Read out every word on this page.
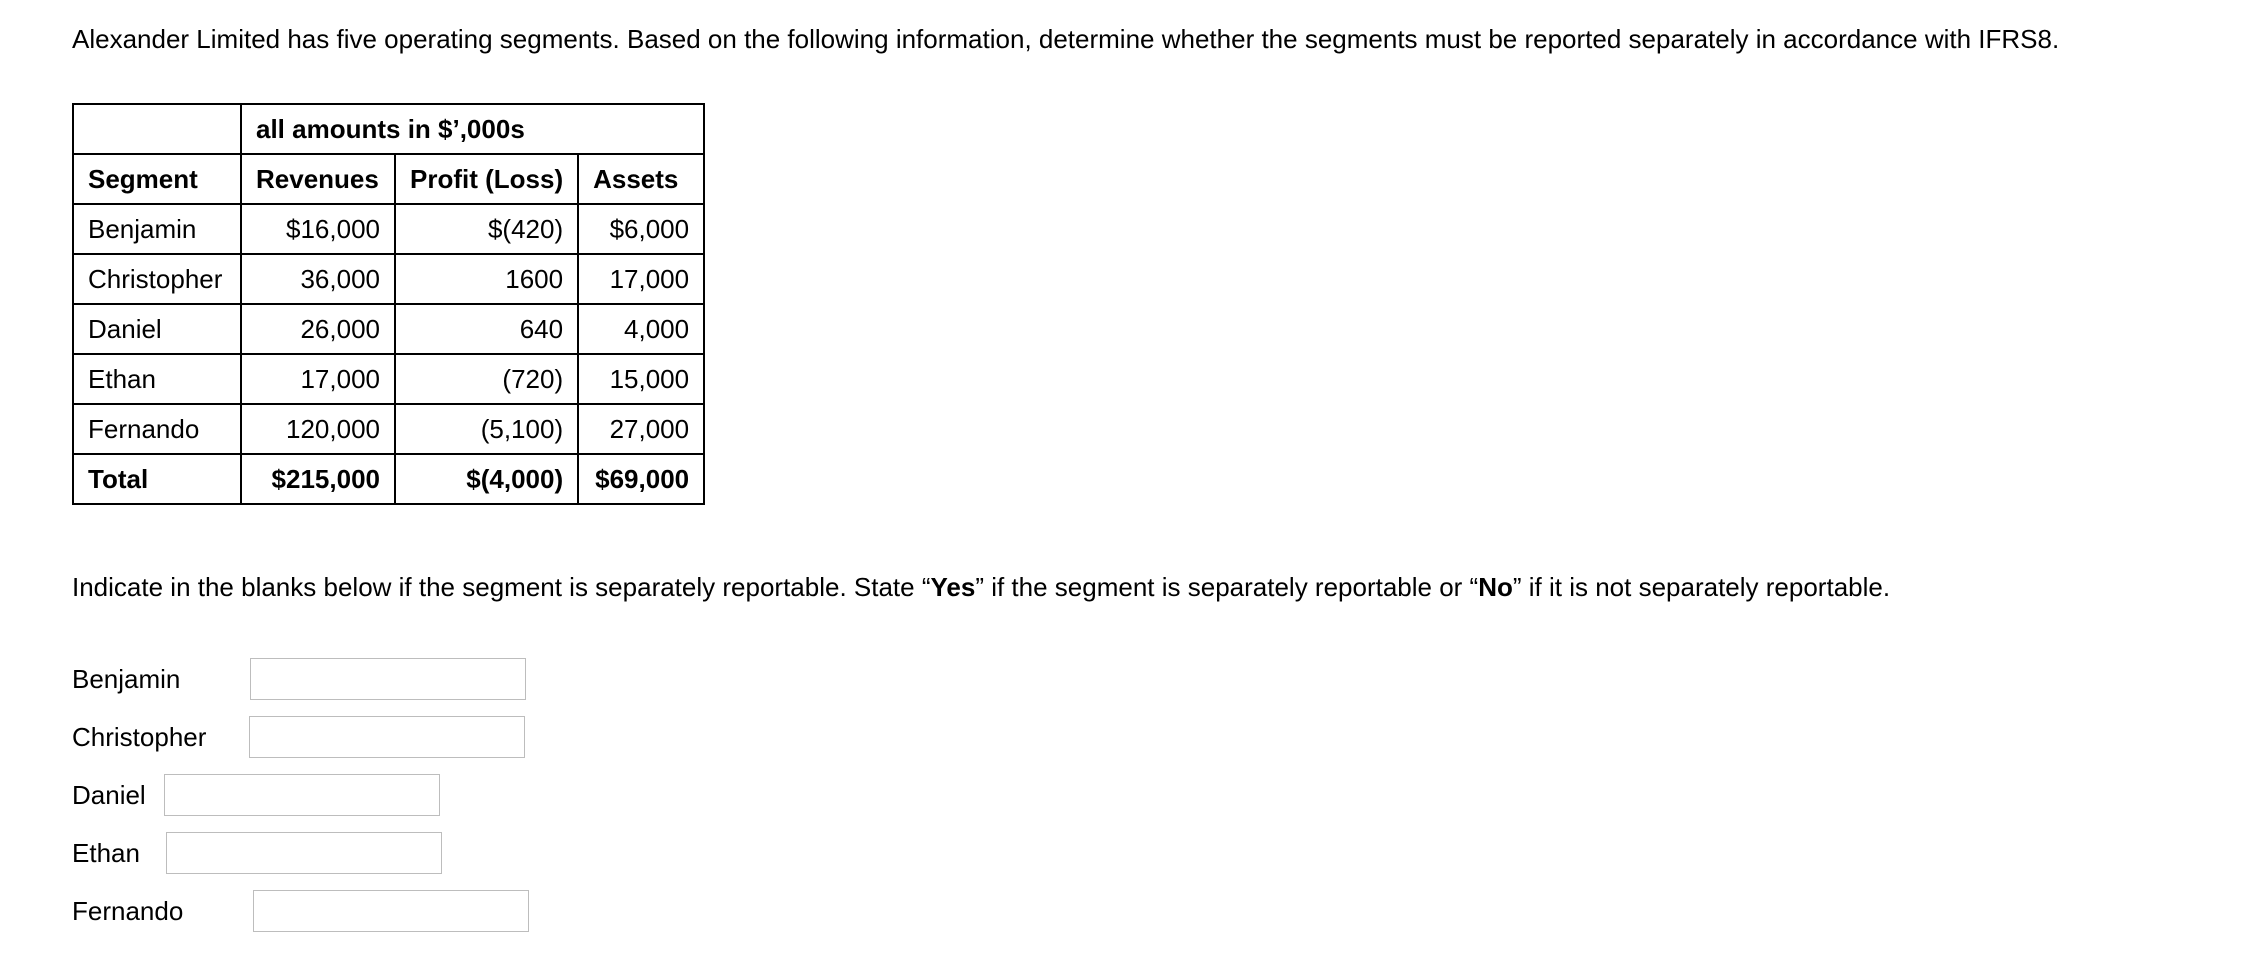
Alexander Limited has five operating segments. Based on the following information, determine whether the segments must be reported separately in accordance with IFRS8.
	all amounts in $’,000s		
Segment	Revenues	Profit (Loss)	Assets
Benjamin	$16,000	$(420)	$6,000
Christopher	36,000	1600	17,000
Daniel	26,000	640	4,000
Ethan	17,000	(720)	15,000
Fernando	120,000	(5,100)	27,000
Total	$215,000	$(4,000)	$69,000
Indicate in the blanks below if the segment is separately reportable. State “Yes” if the segment is separately reportable or “No” if it is not separately reportable.
Benjamin
Christopher
Daniel
Ethan
Fernando
